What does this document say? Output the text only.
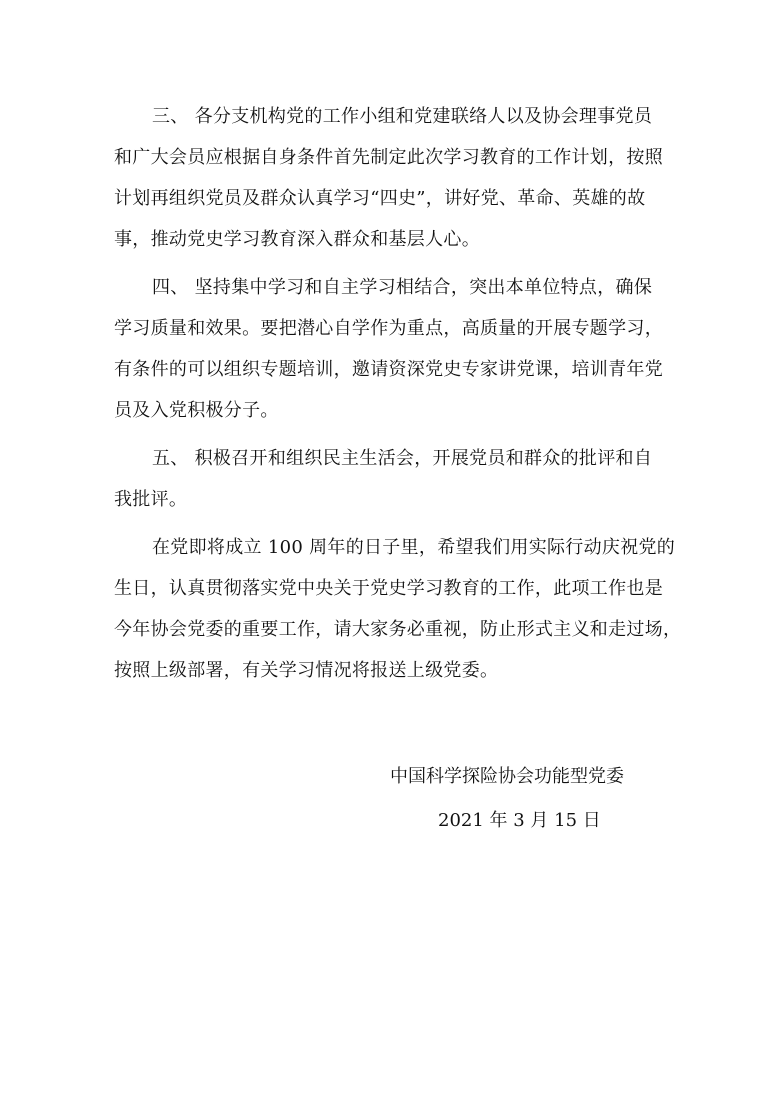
三、 各分支机构党的工作小组和党建联络人以及协会理事党员
和广大会员应根据自身条件首先制定此次学习教育的工作计划，按照
计划再组织党员及群众认真学习“四史”，讲好党、革命、英雄的故
事，推动党史学习教育深入群众和基层人心。

四、 坚持集中学习和自主学习相结合，突出本单位特点，确保
学习质量和效果。要把潜心自学作为重点，高质量的开展专题学习，
有条件的可以组织专题培训，邀请资深党史专家讲党课，培训青年党
员及入党积极分子。

五、 积极召开和组织民主生活会，开展党员和群众的批评和自
我批评。

在党即将成立 100 周年的日子里，希望我们用实际行动庆祝党的
生日，认真贯彻落实党中央关于党史学习教育的工作，此项工作也是
今年协会党委的重要工作，请大家务必重视，防止形式主义和走过场，
按照上级部署，有关学习情况将报送上级党委。

中国科学探险协会功能型党委
2021 年 3 月 15 日
